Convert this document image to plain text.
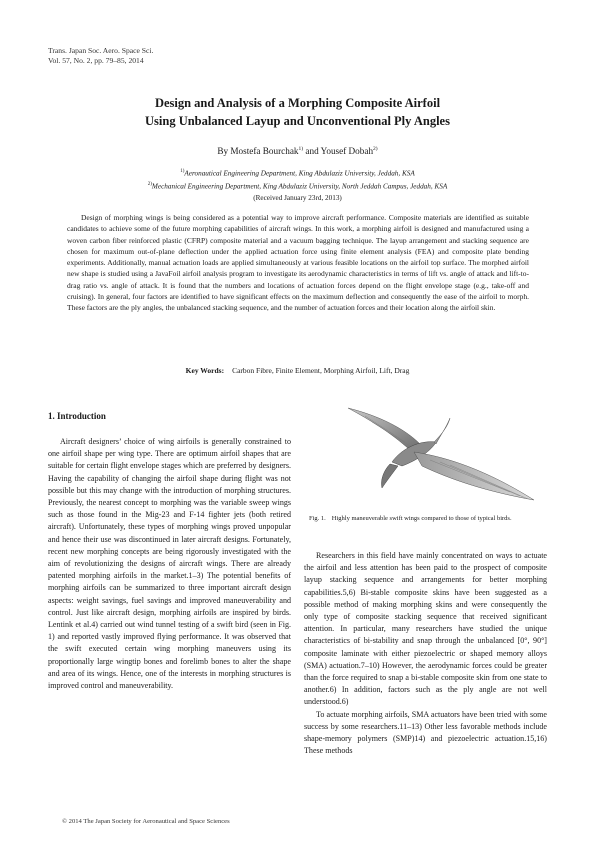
Trans. Japan Soc. Aero. Space Sci.
Vol. 57, No. 2, pp. 79–85, 2014
Design and Analysis of a Morphing Composite Airfoil
Using Unbalanced Layup and Unconventional Ply Angles
By Mostefa Bourchak$^{1)}$ and Yousef Dobah$^{2)}$
$^{1)}$Aeronautical Engineering Department, King Abdulaziz University, Jeddah, KSA
$^{2)}$Mechanical Engineering Department, King Abdulaziz University, North Jeddah Campus, Jeddah, KSA
(Received January 23rd, 2013)

Design of morphing wings is being considered as a potential way to improve aircraft performance. Composite materials are identified as suitable candidates to achieve some of the future morphing capabilities of aircraft wings. In this work, a morphing airfoil is designed and manufactured using a woven carbon fiber reinforced plastic (CFRP) composite material and a vacuum bagging technique. The layup arrangement and stacking sequence are chosen for maximum out-of-plane deflection under the applied actuation force using finite element analysis (FEA) and composite plate bending experiments. Additionally, manual actuation loads are applied simultaneously at various feasible locations on the airfoil top surface. The morphed airfoil new shape is studied using a JavaFoil airfoil analysis program to investigate its aerodynamic characteristics in terms of lift vs. angle of attack and lift-to-drag ratio vs. angle of attack. It is found that the numbers and locations of actuation forces depend on the flight envelope stage (e.g., take-off and cruising). In general, four factors are identified to have significant effects on the maximum deflection and consequently the ease of the airfoil to morph. These factors are the ply angles, the unbalanced stacking sequence, and the number of actuation forces and their location along the airfoil skin.

Key Words: Carbon Fibre, Finite Element, Morphing Airfoil, Lift, Drag
1. Introduction

Aircraft designers’ choice of wing airfoils is generally constrained to one airfoil shape per wing type. There are optimum airfoil shapes that are suitable for certain flight envelope stages which are preferred by designers. Having the capability of changing the airfoil shape during flight was not possible but this may change with the introduction of morphing structures. Previously, the nearest concept to morphing was the variable sweep wings such as those found in the Mig-23 and F-14 fighter jets (both retired aircraft). Unfortunately, these types of morphing wings proved unpopular and hence their use was discontinued in later aircraft designs. Fortunately, recent new morphing concepts are being rigorously investigated with the aim of revolutionizing the designs of aircraft wings. There are already patented morphing airfoils in the market.1–3) The potential benefits of morphing airfoils can be summarized to three important aircraft design aspects: weight savings, fuel savings and improved maneuverability and control. Just like aircraft design, morphing airfoils are inspired by birds. Lentink et al.4) carried out wind tunnel testing of a swift bird (seen in Fig. 1) and reported vastly improved flying performance. It was observed that the swift executed certain wing morphing maneuvers using its proportionally large wingtip bones and forelimb bones to alter the shape and area of its wings. Hence, one of the interests in morphing structures is improved control and maneuverability.

Fig. 1. Highly maneuverable swift wings compared to those of typical birds.

Researchers in this field have mainly concentrated on ways to actuate the airfoil and less attention has been paid to the prospect of composite layup stacking sequence and arrangements for better morphing capabilities.5,6) Bi-stable composite skins have been suggested as a possible method of making morphing skins and were consequently the only type of composite stacking sequence that received significant attention. In particular, many researchers have studied the unique characteristics of bi-stability and snap through the unbalanced [0°, 90°] composite laminate with either piezoelectric or shaped memory alloys (SMA) actuation.7–10) However, the aerodynamic forces could be greater than the force required to snap a bi-stable composite skin from one state to another.6) In addition, factors such as the ply angle are not well understood.6)

To actuate morphing airfoils, SMA actuators have been tried with some success by some researchers.11–13) Other less favorable methods include shape-memory polymers (SMP)14) and piezoelectric actuation.15,16) These methods

© 2014 The Japan Society for Aeronautical and Space Sciences
